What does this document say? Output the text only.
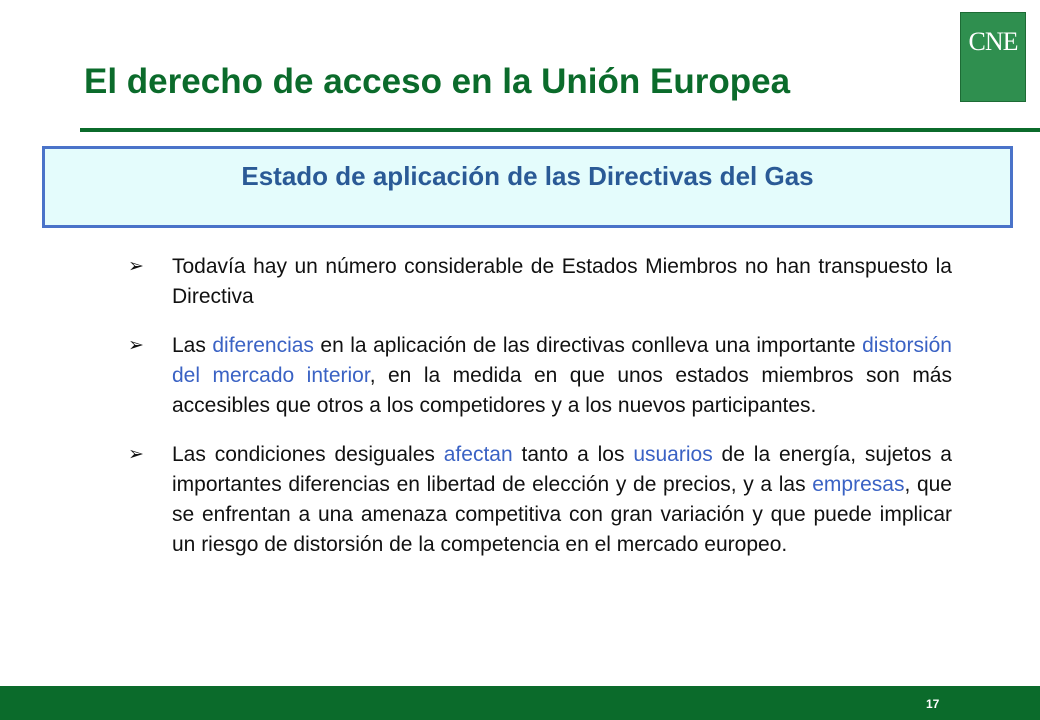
CNE
El derecho de acceso en la Unión Europea
Estado de aplicación de las Directivas del Gas
➢ Todavía hay un número considerable de Estados Miembros no han transpuesto la Directiva
➢ Las diferencias en la aplicación de las directivas conlleva una importante distorsión del mercado interior, en la medida en que unos estados miembros son más accesibles que otros a los competidores y a los nuevos participantes.
➢ Las condiciones desiguales afectan tanto a los usuarios de la energía, sujetos a importantes diferencias en libertad de elección y de precios, y a las empresas, que se enfrentan a una amenaza competitiva con gran variación y que puede implicar un riesgo de distorsión de la competencia en el mercado europeo.
17
